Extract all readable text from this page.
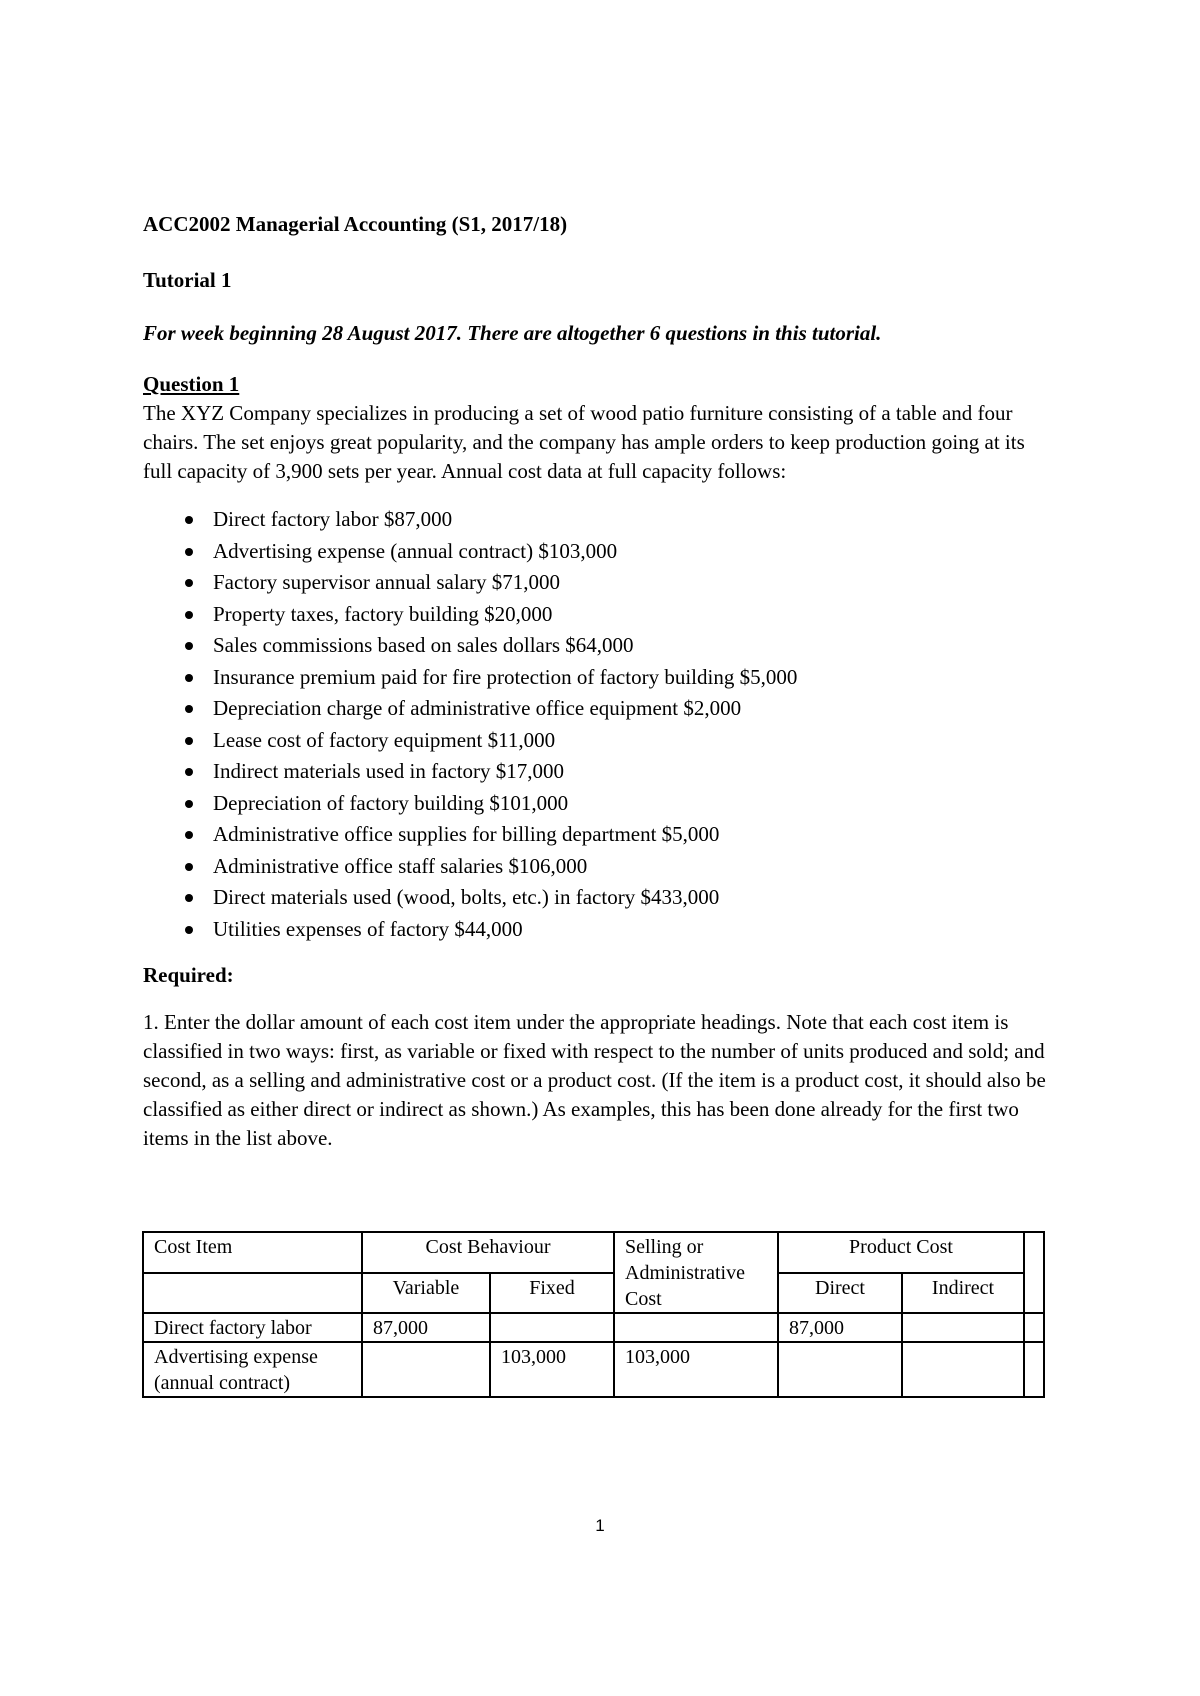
ACC2002 Managerial Accounting (S1, 2017/18)

Tutorial 1

For week beginning 28 August 2017. There are altogether 6 questions in this tutorial.

Question 1

The XYZ Company specializes in producing a set of wood patio furniture consisting of a table and four chairs. The set enjoys great popularity, and the company has ample orders to keep production going at its full capacity of 3,900 sets per year. Annual cost data at full capacity follows:

Direct factory labor $87,000
Advertising expense (annual contract) $103,000
Factory supervisor annual salary $71,000
Property taxes, factory building $20,000
Sales commissions based on sales dollars $64,000
Insurance premium paid for fire protection of factory building $5,000
Depreciation charge of administrative office equipment $2,000
Lease cost of factory equipment $11,000
Indirect materials used in factory $17,000
Depreciation of factory building $101,000
Administrative office supplies for billing department $5,000
Administrative office staff salaries $106,000
Direct materials used (wood, bolts, etc.) in factory $433,000
Utilities expenses of factory $44,000

Required:

1. Enter the dollar amount of each cost item under the appropriate headings. Note that each cost item is classified in two ways: first, as variable or fixed with respect to the number of units produced and sold; and second, as a selling and administrative cost or a product cost. (If the item is a product cost, it should also be classified as either direct or indirect as shown.) As examples, this has been done already for the first two items in the list above.

Cost Item	Cost Behaviour		Selling or Administrative Cost	Product Cost		
	Variable	Fixed		Direct	Indirect	
Direct factory labor	87,000			87,000		
Advertising expense (annual contract)		103,000	103,000			
1
